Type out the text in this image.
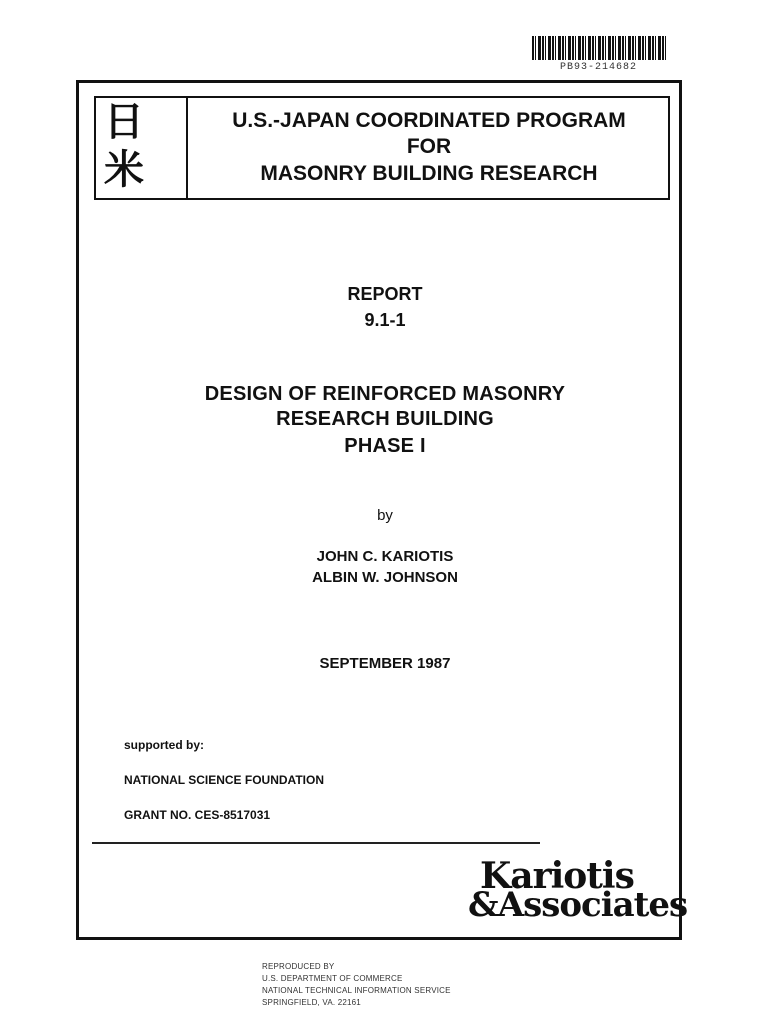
PB93-214682
日
米
U.S.-JAPAN COORDINATED PROGRAM
FOR
MASONRY BUILDING RESEARCH
REPORT
9.1-1
DESIGN OF REINFORCED MASONRY
RESEARCH BUILDING
PHASE I
by
JOHN C. KARIOTIS
ALBIN W. JOHNSON
SEPTEMBER 1987
supported by:
NATIONAL SCIENCE FOUNDATION
GRANT NO. CES-8517031
Kariotis
&Associates
REPRODUCED BY
U.S. DEPARTMENT OF COMMERCE
NATIONAL TECHNICAL INFORMATION SERVICE
SPRINGFIELD, VA. 22161
